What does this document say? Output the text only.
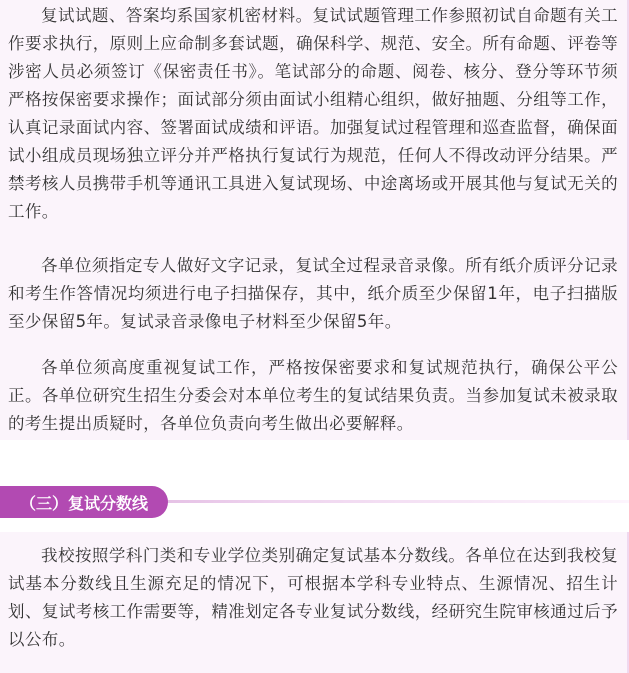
复试试题、答案均系国家机密材料。复试试题管理工作参照初试自命题有关工作要求执行，原则上应命制多套试题，确保科学、规范、安全。所有命题、评卷等涉密人员必须签订《保密责任书》。笔试部分的命题、阅卷、核分、登分等环节须严格按保密要求操作；面试部分须由面试小组精心组织，做好抽题、分组等工作，认真记录面试内容、签署面试成绩和评语。加强复试过程管理和巡查监督，确保面试小组成员现场独立评分并严格执行复试行为规范，任何人不得改动评分结果。严禁考核人员携带手机等通讯工具进入复试现场、中途离场或开展其他与复试无关的工作。

各单位须指定专人做好文字记录，复试全过程录音录像。所有纸介质评分记录和考生作答情况均须进行电子扫描保存，其中，纸介质至少保留1年，电子扫描版至少保留5年。复试录音录像电子材料至少保留5年。

各单位须高度重视复试工作，严格按保密要求和复试规范执行，确保公平公正。各单位研究生招生分委会对本单位考生的复试结果负责。当参加复试未被录取的考生提出质疑时，各单位负责向考生做出必要解释。

（三）复试分数线

我校按照学科门类和专业学位类别确定复试基本分数线。各单位在达到我校复试基本分数线且生源充足的情况下，可根据本学科专业特点、生源情况、招生计划、复试考核工作需要等，精准划定各专业复试分数线，经研究生院审核通过后予以公布。
